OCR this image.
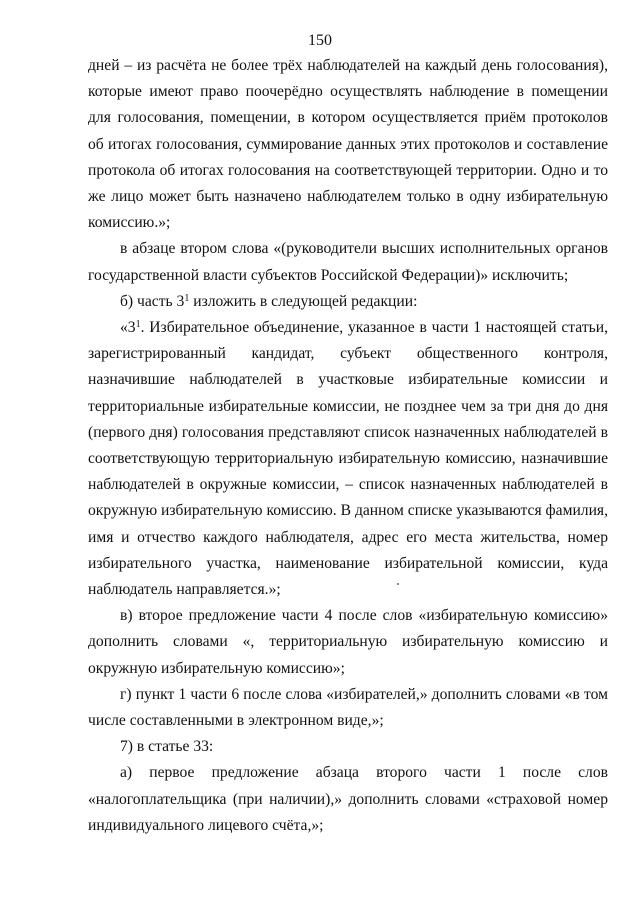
150

дней – из расчёта не более трёх наблюдателей на каждый день голосования), которые имеют право поочерёдно осуществлять наблюдение в помещении для голосования, помещении, в котором осуществляется приём протоколов об итогах голосования, суммирование данных этих протоколов и составление протокола об итогах голосования на соответствующей территории. Одно и то же лицо может быть назначено наблюдателем только в одну избирательную комиссию.»;

в абзаце втором слова «(руководители высших исполнительных органов государственной власти субъектов Российской Федерации)» исключить;

б) часть $3^1$ изложить в следующей редакции:

«$3^1$. Избирательное объединение, указанное в части 1 настоящей статьи, зарегистрированный кандидат, субъект общественного контроля, назначившие наблюдателей в участковые избирательные комиссии и территориальные избирательные комиссии, не позднее чем за три дня до дня (первого дня) голосования представляют список назначенных наблюдателей в соответствующую территориальную избирательную комиссию, назначившие наблюдателей в окружные комиссии, – список назначенных наблюдателей в окружную избирательную комиссию. В данном списке указываются фамилия, имя и отчество каждого наблюдателя, адрес его места жительства, номер избирательного участка, наименование избирательной комиссии, куда наблюдатель направляется.»;

в) второе предложение части 4 после слов «избирательную комиссию» дополнить словами «, территориальную избирательную комиссию и окружную избирательную комиссию»;

г) пункт 1 части 6 после слова «избирателей,» дополнить словами «в том числе составленными в электронном виде,»;

7) в статье 33:

а) первое предложение абзаца второго части 1 после слов «налогоплательщика (при наличии),» дополнить словами «страховой номер индивидуального лицевого счёта,»;
